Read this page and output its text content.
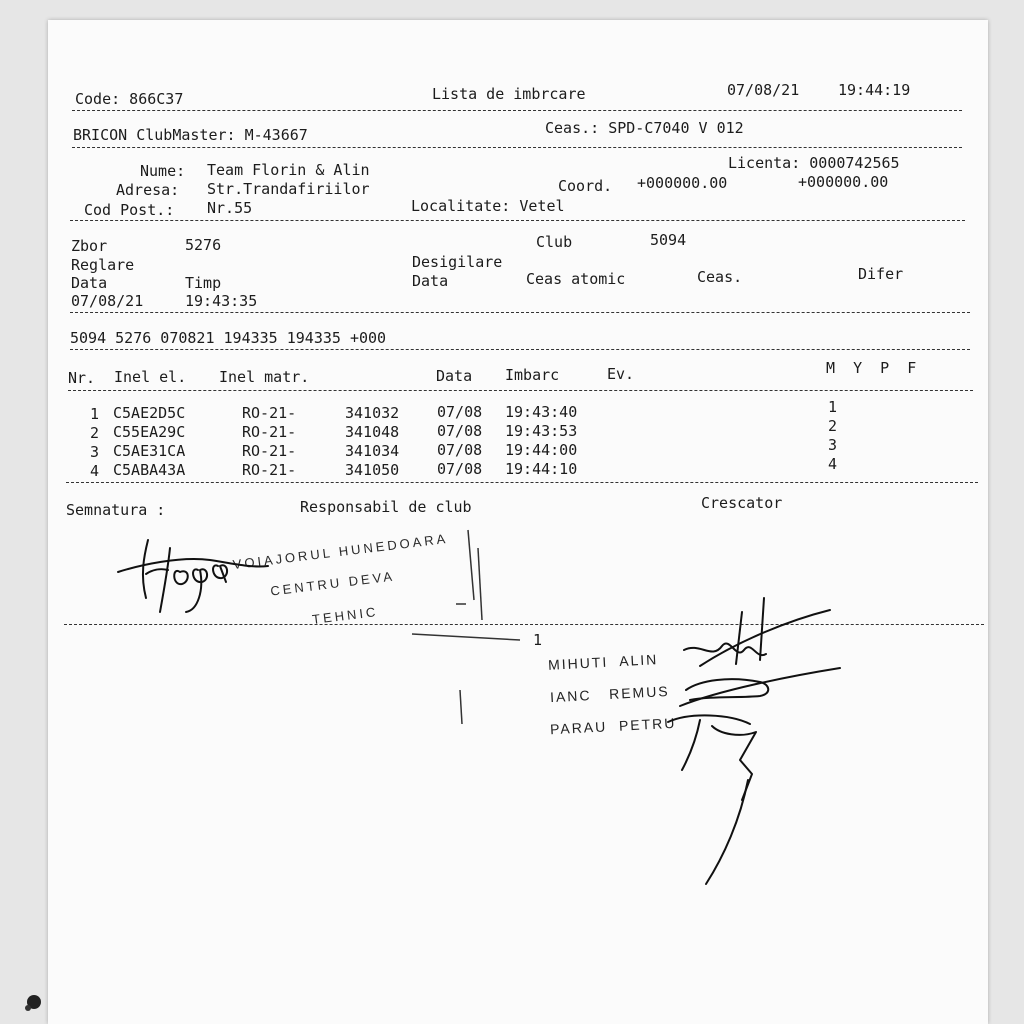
Code: 866C37	Lista de imbrcare	07/08/21	19:44:19
BRICON ClubMaster: M-43667	Ceas.: SPD-C7040 V 012
Nume: Team Florin & Alin	Licenta: 0000742565
Adresa: Str.Trandafiriilor	Coord. +000000.00	+000000.00
Cod Post.: Nr.55	Localitate: Vetel
Zbor	5276	Club	5094
Reglare	Desigilare
Data	Timp	Data	Ceas atomic	Ceas.	Difer
07/08/21	19:43:35
5094 5276 070821 194335 194335 +000
Nr. Inel el. Inel matr.	Data Imbarc	Ev.	M  Y  P  F
1 C5AE2D5C	RO-21-	341032	07/08 19:43:40	1
2 C55EA29C	RO-21-	341048	07/08 19:43:53	2
3 C5AE31CA	RO-21-	341034	07/08 19:44:00	3
4 C5ABA43A	RO-21-	341050	07/08 19:44:10	4
Semnatura :	Responsabil de club	Crescator
VOIAJORUL HUNEDOARA
CENTRU DEVA
TEHNIC
1
MIHUTI  ALIN
IANC   REMUS
PARAU  PETRU
